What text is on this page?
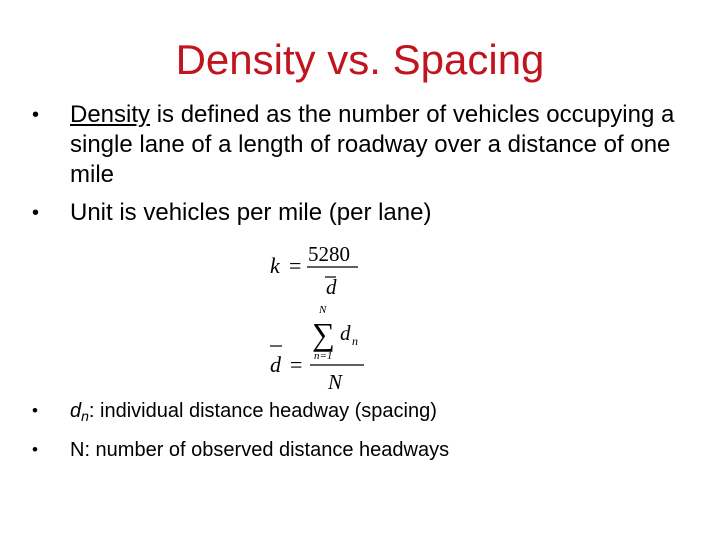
Density vs. Spacing
• Density is defined as the number of vehicles occupying a single lane of a length of roadway over a distance of one mile
• Unit is vehicles per mile (per lane)
k = 5280
d
d =
N
∑
n=1
d n
N
• $d_n$: individual distance headway (spacing)
• N: number of observed distance headways
